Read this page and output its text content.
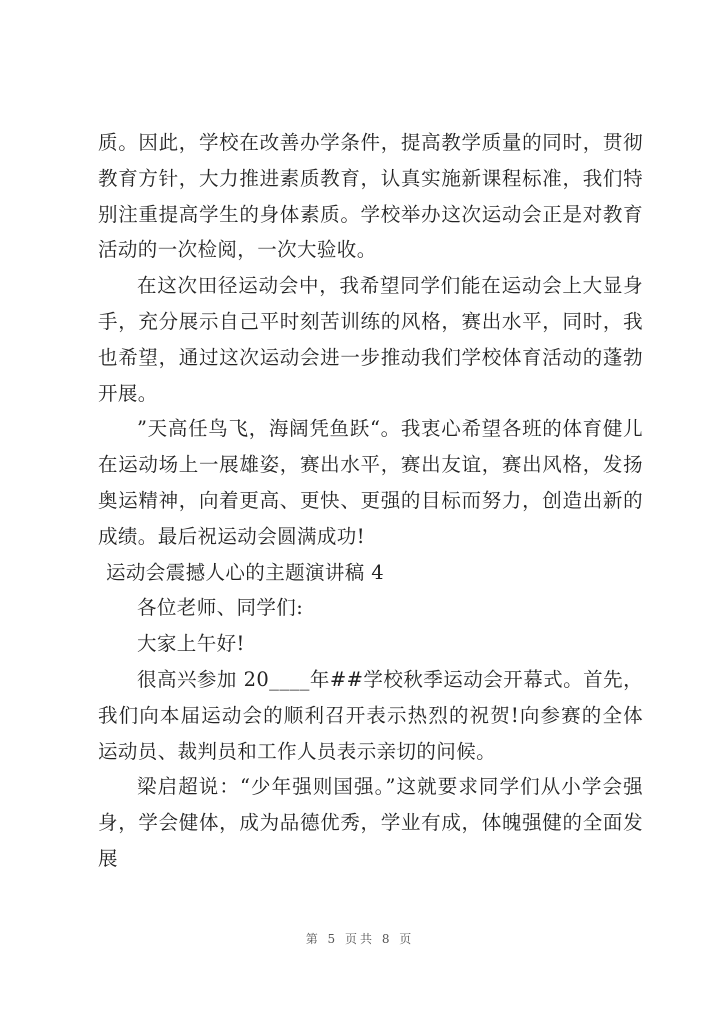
质。因此，学校在改善办学条件，提高教学质量的同时，贯彻教育方针，大力推进素质教育，认真实施新课程标准，我们特别注重提高学生的身体素质。学校举办这次运动会正是对教育活动的一次检阅，一次大验收。

在这次田径运动会中，我希望同学们能在运动会上大显身手，充分展示自己平时刻苦训练的风格，赛出水平，同时，我也希望，通过这次运动会进一步推动我们学校体育活动的蓬勃开展。

”天高任鸟飞，海阔凭鱼跃“。我衷心希望各班的体育健儿在运动场上一展雄姿，赛出水平，赛出友谊，赛出风格，发扬奥运精神，向着更高、更快、更强的目标而努力，创造出新的成绩。最后祝运动会圆满成功!

运动会震撼人心的主题演讲稿 4

各位老师、同学们:

大家上午好!

很高兴参加 20____年##学校秋季运动会开幕式。首先，我们向本届运动会的顺利召开表示热烈的祝贺!向参赛的全体运动员、裁判员和工作人员表示亲切的问候。

梁启超说：“少年强则国强。”这就要求同学们从小学会强身，学会健体，成为品德优秀，学业有成，体魄强健的全面发展

第 5 页共 8 页
